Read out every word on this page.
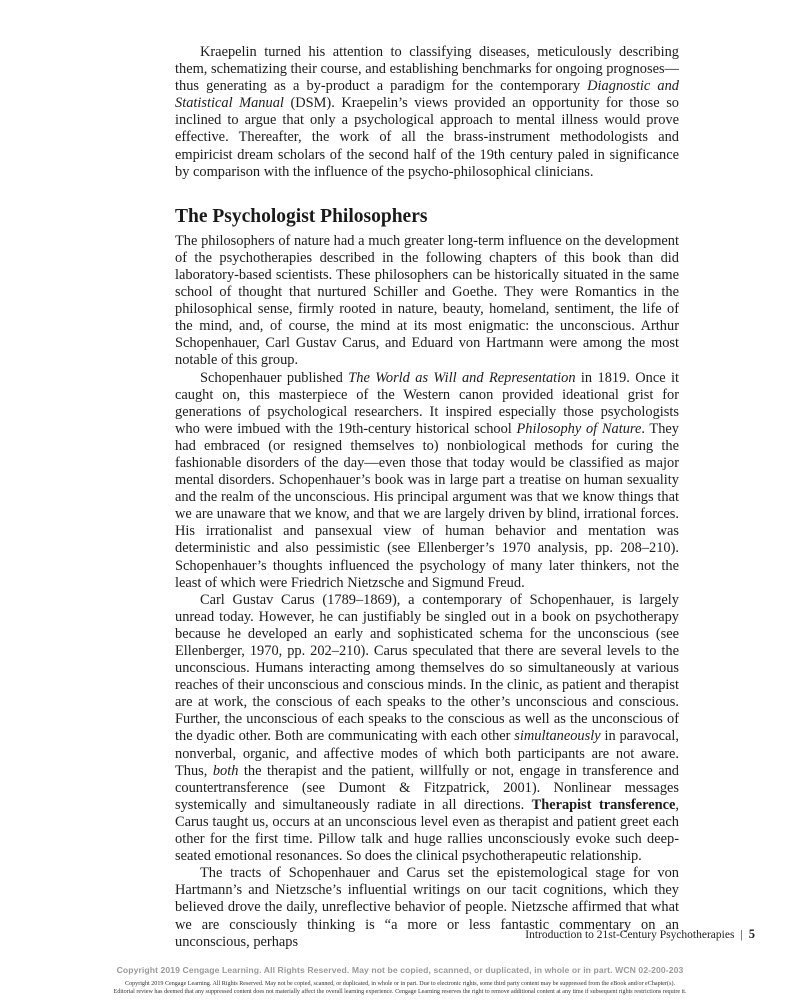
Kraepelin turned his attention to classifying diseases, meticulously describing them, schematizing their course, and establishing benchmarks for ongoing prognoses—thus generating as a by-product a paradigm for the contemporary Diagnostic and Statistical Manual (DSM). Kraepelin’s views provided an opportunity for those so inclined to argue that only a psychological approach to mental illness would prove effective. Thereafter, the work of all the brass-instrument methodologists and empiricist dream scholars of the second half of the 19th century paled in significance by comparison with the influence of the psycho-philosophical clinicians.

The Psychologist Philosophers

The philosophers of nature had a much greater long-term influence on the development of the psychotherapies described in the following chapters of this book than did laboratory-based scientists. These philosophers can be historically situated in the same school of thought that nurtured Schiller and Goethe. They were Romantics in the philosophical sense, firmly rooted in nature, beauty, homeland, sentiment, the life of the mind, and, of course, the mind at its most enigmatic: the unconscious. Arthur Schopenhauer, Carl Gustav Carus, and Eduard von Hartmann were among the most notable of this group.

Schopenhauer published The World as Will and Representation in 1819. Once it caught on, this masterpiece of the Western canon provided ideational grist for generations of psychological researchers. It inspired especially those psychologists who were imbued with the 19th-century historical school Philosophy of Nature. They had embraced (or resigned themselves to) nonbiological methods for curing the fashionable disorders of the day—even those that today would be classified as major mental disorders. Schopenhauer’s book was in large part a treatise on human sexuality and the realm of the unconscious. His principal argument was that we know things that we are unaware that we know, and that we are largely driven by blind, irrational forces. His irrationalist and pansexual view of human behavior and mentation was deterministic and also pessimistic (see Ellenberger’s 1970 analysis, pp. 208–210). Schopenhauer’s thoughts influenced the psychology of many later thinkers, not the least of which were Friedrich Nietzsche and Sigmund Freud.

Carl Gustav Carus (1789–1869), a contemporary of Schopenhauer, is largely unread today. However, he can justifiably be singled out in a book on psychotherapy because he developed an early and sophisticated schema for the unconscious (see Ellenberger, 1970, pp. 202–210). Carus speculated that there are several levels to the unconscious. Humans interacting among themselves do so simultaneously at various reaches of their unconscious and conscious minds. In the clinic, as patient and therapist are at work, the conscious of each speaks to the other’s unconscious and conscious. Further, the unconscious of each speaks to the conscious as well as the unconscious of the dyadic other. Both are communicating with each other simultaneously in paravocal, nonverbal, organic, and affective modes of which both participants are not aware. Thus, both the therapist and the patient, willfully or not, engage in transference and countertransference (see Dumont & Fitzpatrick, 2001). Nonlinear messages systemically and simultaneously radiate in all directions. Therapist transference, Carus taught us, occurs at an unconscious level even as therapist and patient greet each other for the first time. Pillow talk and huge rallies unconsciously evoke such deep-seated emotional resonances. So does the clinical psychotherapeutic relationship.

The tracts of Schopenhauer and Carus set the epistemological stage for von Hartmann’s and Nietzsche’s influential writings on our tacit cognitions, which they believed drove the daily, unreflective behavior of people. Nietzsche affirmed that what we are consciously thinking is “a more or less fantastic commentary on an unconscious, perhaps	Introduction to 21st-Century Psychotherapies | 5
Copyright 2019 Cengage Learning. All Rights Reserved. May not be copied, scanned, or duplicated, in whole or in part. WCN 02-200-203
Copyright 2019 Cengage Learning. All Rights Reserved. May not be copied, scanned, or duplicated, in whole or in part. Due to electronic rights, some third party content may be suppressed from the eBook and/or eChapter(s).
Editorial review has deemed that any suppressed content does not materially affect the overall learning experience. Cengage Learning reserves the right to remove additional content at any time if subsequent rights restrictions require it.
